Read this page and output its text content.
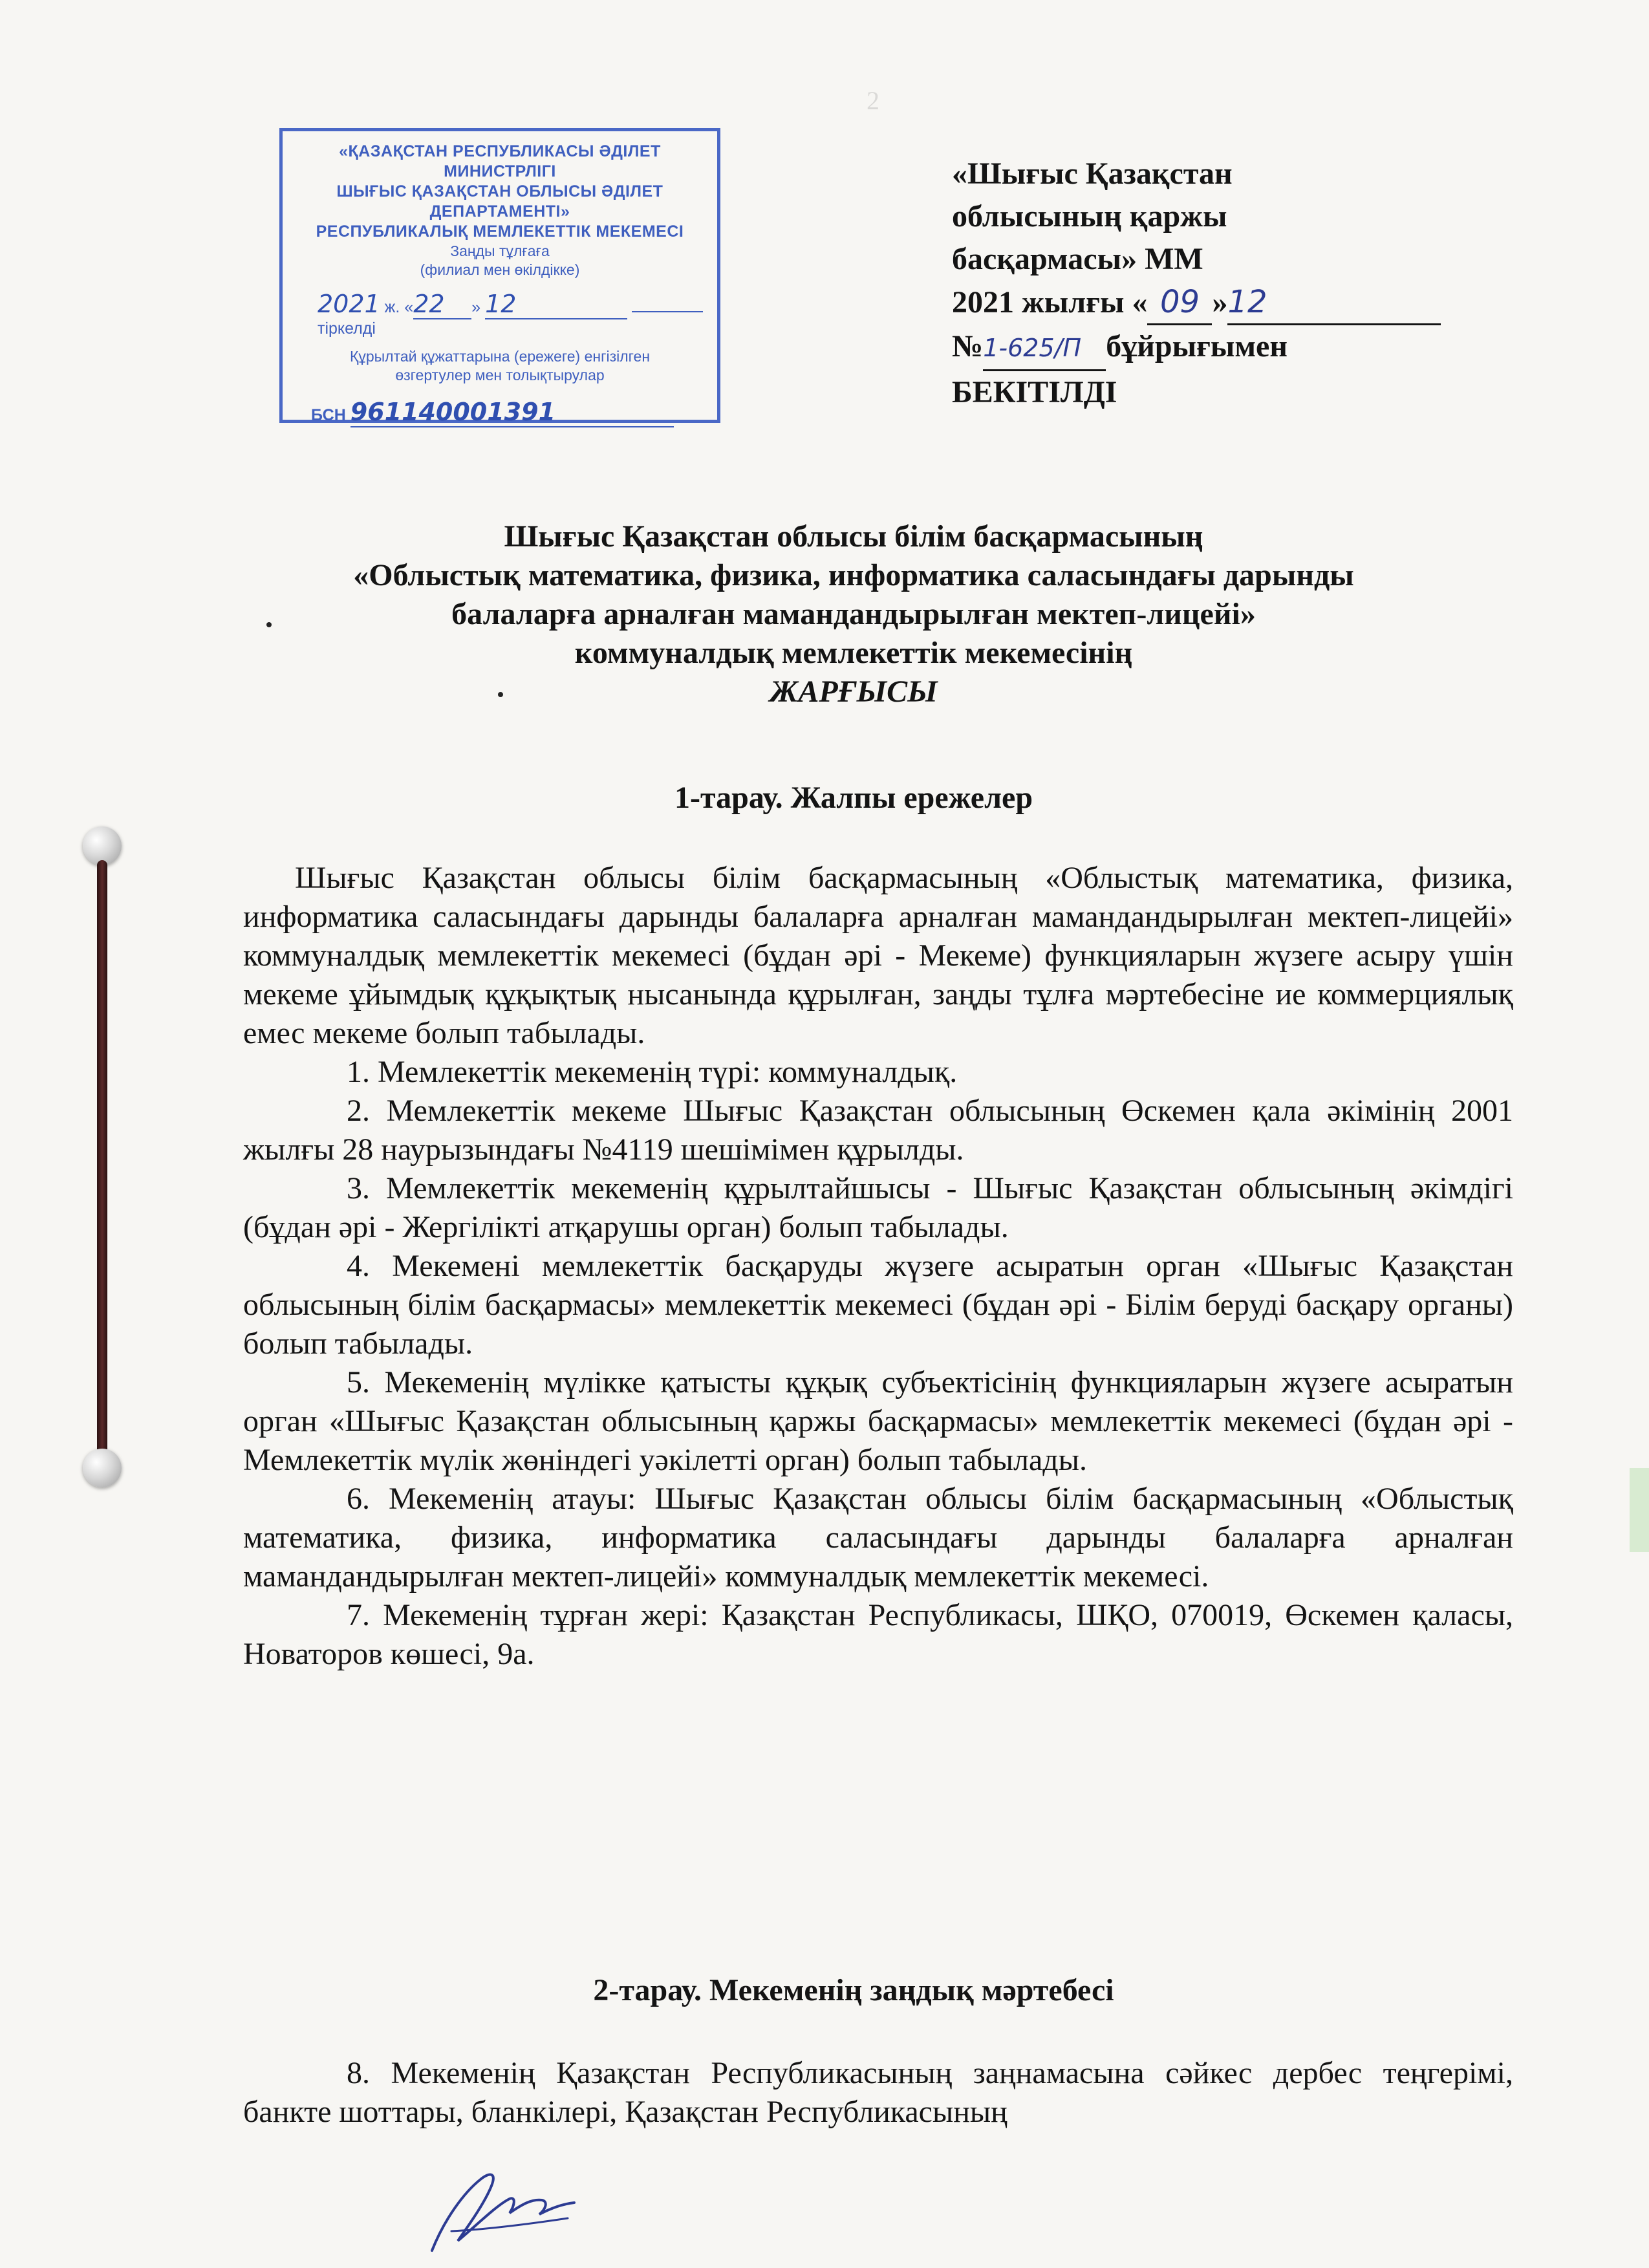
2
«ҚАЗАҚСТАН РЕСПУБЛИКАСЫ ӘДІЛЕТ МИНИСТРЛІГІ
ШЫҒЫС ҚАЗАҚСТАН ОБЛЫСЫ ӘДІЛЕТ ДЕПАРТАМЕНТІ»
РЕСПУБЛИКАЛЫҚ МЕМЛЕКЕТТІК МЕКЕМЕСІ
Заңды тұлғаға
(филиал мен өкілдікке)
2021 ж. «22 » 12  тіркелді
Құрылтай құжаттарына (ережеге) енгізілген
өзгертулер мен толықтырулар
БСН 961140001391
«Шығыс Қазақстан
облысының қаржы
басқармасы» ММ
2021 жылғы « 09 »12
№1-625/П бұйрығымен
БЕКІТІЛДІ
Шығыс Қазақстан облысы білім басқармасының
«Облыстық математика, физика, информатика саласындағы дарынды
балаларға арналған мамандандырылған мектеп-лицейі»
коммуналдық мемлекеттік мекемесінің
ЖАРҒЫСЫ
1-тарау. Жалпы ережелер

Шығыс Қазақстан облысы білім басқармасының «Облыстық математика, физика, информатика саласындағы дарынды балаларға арналған мамандандырылған мектеп-лицейі» коммуналдық мемлекеттік мекемесі (бұдан әрі - Мекеме) функцияларын жүзеге асыру үшін мекеме ұйымдық құқықтық нысанында құрылған, заңды тұлға мәртебесіне ие коммерциялық емес мекеме болып табылады.

1. Мемлекеттік мекеменің түрі: коммуналдық.

2. Мемлекеттік мекеме Шығыс Қазақстан облысының Өскемен қала әкімінің 2001 жылғы 28 наурызындағы №4119 шешімімен құрылды.

3. Мемлекеттік мекеменің құрылтайшысы - Шығыс Қазақстан облысының әкімдігі (бұдан әрі - Жергілікті атқарушы орган) болып табылады.

4. Мекемені мемлекеттік басқаруды жүзеге асыратын орган «Шығыс Қазақстан облысының білім басқармасы» мемлекеттік мекемесі (бұдан әрі - Білім беруді басқару органы) болып табылады.

5. Мекеменің мүлікке қатысты құқық субъектісінің функцияларын жүзеге асыратын орган «Шығыс Қазақстан облысының қаржы басқармасы» мемлекеттік мекемесі (бұдан әрі - Мемлекеттік мүлік жөніндегі уәкілетті орган) болып табылады.

6. Мекеменің атауы: Шығыс Қазақстан облысы білім басқармасының «Облыстық математика, физика, информатика саласындағы дарынды балаларға арналған мамандандырылған мектеп-лицейі» коммуналдық мемлекеттік мекемесі.

7. Мекеменің тұрған жері: Қазақстан Республикасы, ШҚО, 070019, Өскемен қаласы, Новаторов көшесі, 9а.

2-тарау. Мекеменің заңдық мәртебесі

8. Мекеменің Қазақстан Республикасының заңнамасына сәйкес дербес теңгерімі, банкте шоттары, бланкілері, Қазақстан Республикасының
